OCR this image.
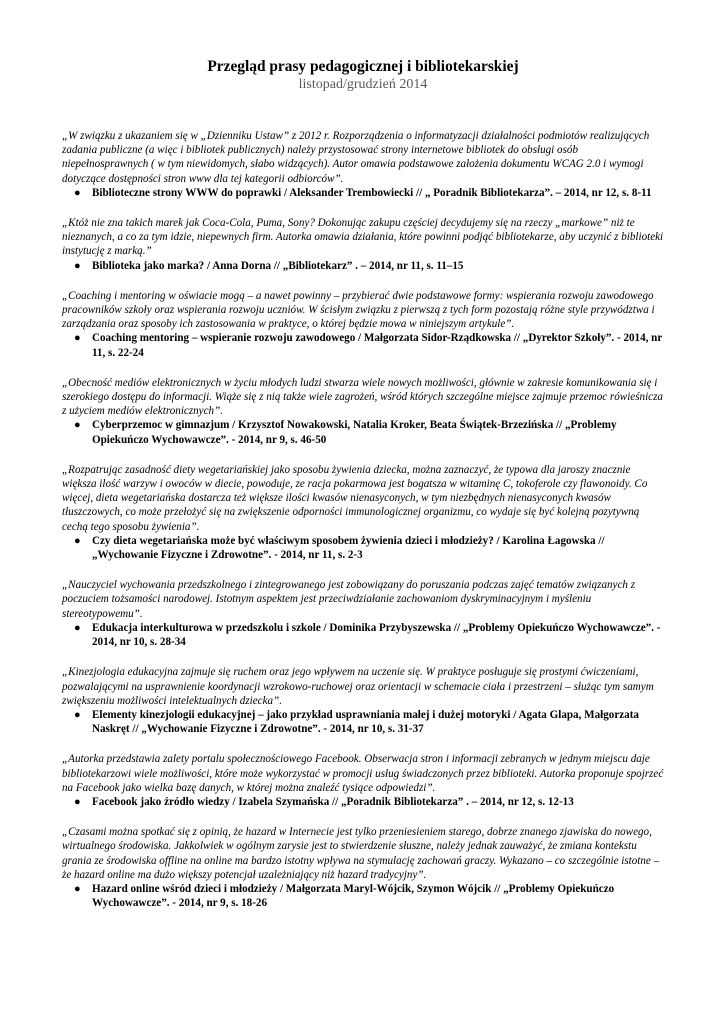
Przegląd prasy pedagogicznej i bibliotekarskiej
listopad/grudzień 2014

„W związku z ukazaniem się w „Dzienniku Ustaw” z 2012 r. Rozporządzenia o informatyzacji działalności podmiotów realizujących zadania publiczne (a więc i bibliotek publicznych) należy przystosować strony internetowe bibliotek do obsługi osób niepełnosprawnych ( w tym niewidomych, słabo widzących). Autor omawia podstawowe założenia dokumentu WCAG 2.0 i wymogi dotyczące dostępności stron www dla tej kategorii odbiorców”.

● Biblioteczne strony WWW do poprawki / Aleksander Trembowiecki // „ Poradnik Bibliotekarza”. – 2014, nr 12, s. 8-11

„Któż nie zna takich marek jak Coca-Cola, Puma, Sony? Dokonując zakupu częściej decydujemy się na rzeczy „markowe” niż te nieznanych, a co za tym idzie, niepewnych firm. Autorka omawia działania, które powinni podjąć bibliotekarze, aby uczynić z biblioteki instytucję z marką.”

● Biblioteka jako marka? / Anna Dorna // „Bibliotekarz” . – 2014, nr 11, s. 11–15

„Coaching i mentoring w oświacie mogą – a nawet powinny – przybierać dwie podstawowe formy: wspierania rozwoju zawodowego pracowników szkoły oraz wspierania rozwoju uczniów. W ścisłym związku z pierwszą z tych form pozostają różne style przywództwa i zarządzania oraz sposoby ich zastosowania w praktyce, o której będzie mowa w niniejszym artykule”.

● Coaching mentoring – wspieranie rozwoju zawodowego / Małgorzata Sidor-Rządkowska // „Dyrektor Szkoły”. - 2014, nr 11, s. 22-24

„Obecność mediów elektronicznych w życiu młodych ludzi stwarza wiele nowych możliwości, głównie w zakresie komunikowania się i szerokiego dostępu do informacji. Wiąże się z nią także wiele zagrożeń, wśród których szczególne miejsce zajmuje przemoc rówieśnicza z użyciem mediów elektronicznych”.

● Cyberprzemoc w gimnazjum / Krzysztof Nowakowski, Natalia Kroker, Beata Świątek-Brzezińska // „Problemy Opiekuńczo Wychowawcze”. - 2014, nr 9, s. 46-50

„Rozpatrując zasadność diety wegetariańskiej jako sposobu żywienia dziecka, można zaznaczyć, że typowa dla jaroszy znacznie większa ilość warzyw i owoców w diecie, powoduje, ze racja pokarmowa jest bogatsza w witaminę C, tokoferole czy flawonoidy. Co więcej, dieta wegetariańska dostarcza też większe ilości kwasów nienasyconych, w tym niezbędnych nienasyconych kwasów tłuszczowych, co może przełożyć się na zwiększenie odporności immunologicznej organizmu, co wydaje się być kolejną pozytywną cechą tego sposobu żywienia”.

● Czy dieta wegetariańska może być właściwym sposobem żywienia dzieci i młodzieży? / Karolina Łagowska // „Wychowanie Fizyczne i Zdrowotne”. - 2014, nr 11, s. 2-3

„Nauczyciel wychowania przedszkolnego i zintegrowanego jest zobowiązany do poruszania podczas zajęć tematów związanych z poczuciem tożsamości narodowej. Istotnym aspektem jest przeciwdziałanie zachowaniom dyskryminacyjnym i myśleniu stereotypowemu”.

● Edukacja interkulturowa w przedszkolu i szkole / Dominika Przybyszewska // „Problemy Opiekuńczo Wychowawcze”. - 2014, nr 10, s. 28-34

„Kinezjologia edukacyjna zajmuje się ruchem oraz jego wpływem na uczenie się. W praktyce posługuje się prostymi ćwiczeniami, pozwalającymi na usprawnienie koordynacji wzrokowo-ruchowej oraz orientacji w schemacie ciała i przestrzeni – służąc tym samym zwiększeniu możliwości intelektualnych dziecka”.

● Elementy kinezjologii edukacyjnej – jako przykład usprawniania małej i dużej motoryki / Agata Glapa, Małgorzata Naskręt // „Wychowanie Fizyczne i Zdrowotne”. - 2014, nr 10, s. 31-37

„Autorka przedstawia zalety portalu społecznościowego Facebook. Obserwacja stron i informacji zebranych w jednym miejscu daje bibliotekarzowi wiele możliwości, które może wykorzystać w promocji usług świadczonych przez biblioteki. Autorka proponuje spojrzeć na Facebook jako wielka bazę danych, w której można znaleźć tysiące odpowiedzi”.

● Facebook jako źródło wiedzy / Izabela Szymańska // „Poradnik Bibliotekarza” . – 2014, nr 12, s. 12-13

„Czasami można spotkać się z opinią, że hazard w Internecie jest tylko przeniesieniem starego, dobrze znanego zjawiska do nowego, wirtualnego środowiska. Jakkolwiek w ogólnym zarysie jest to stwierdzenie słuszne, należy jednak zauważyć, że zmiana kontekstu grania ze środowiska offline na online ma bardzo istotny wpływa na stymulację zachowań graczy. Wykazano – co szczególnie istotne – że hazard online ma dużo większy potencjał uzależniający niż hazard tradycyjny”.

● Hazard online wśród dzieci i młodzieży / Małgorzata Maryl-Wójcik, Szymon Wójcik // „Problemy Opiekuńczo Wychowawcze”. - 2014, nr 9, s. 18-26
